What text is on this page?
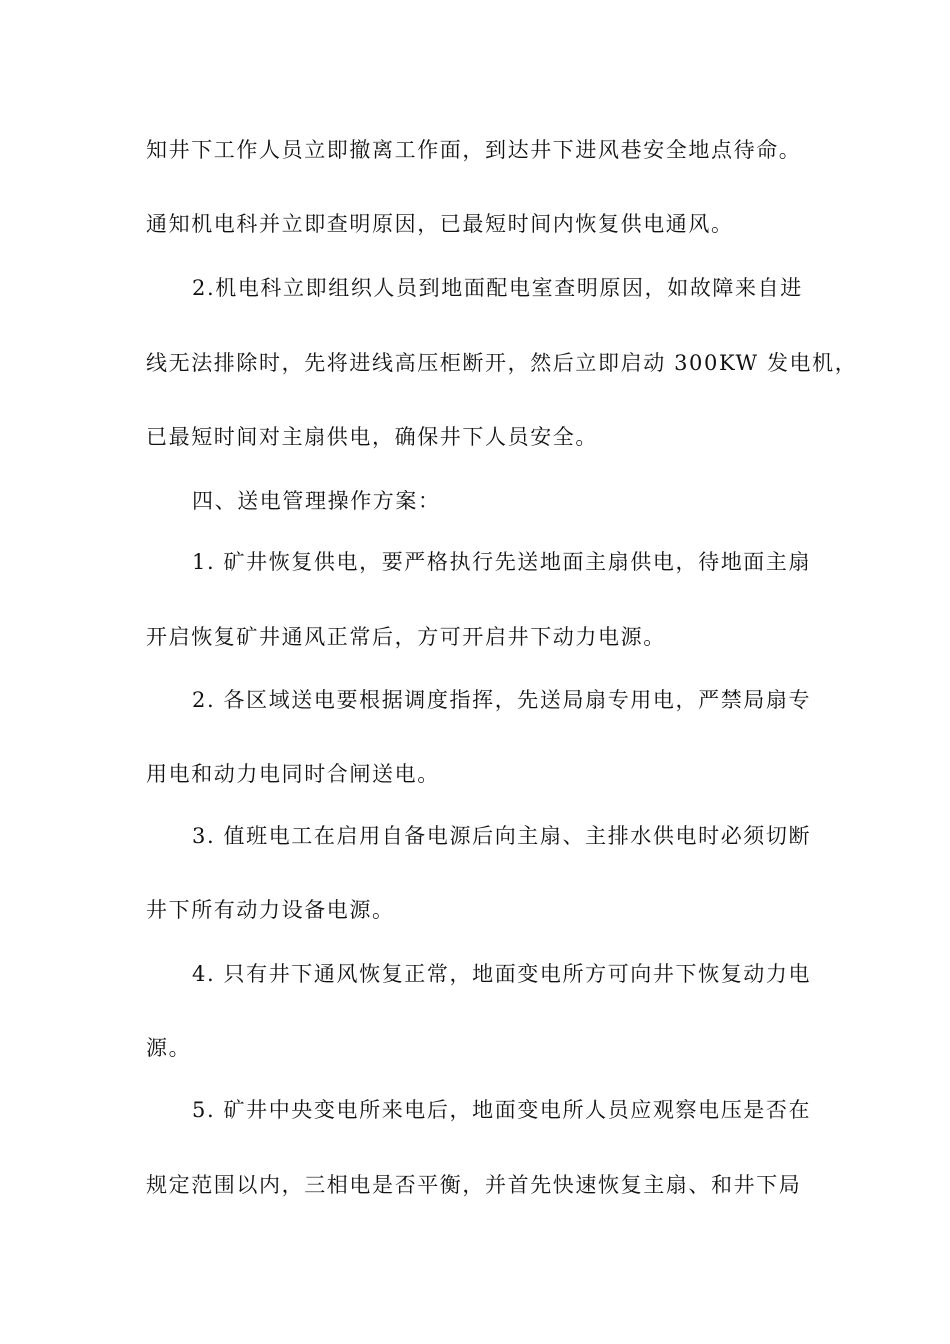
知井下工作人员立即撤离工作面，到达井下进风巷安全地点待命。
通知机电科并立即查明原因，已最短时间内恢复供电通风。
2.机电科立即组织人员到地面配电室查明原因，如故障来自进
线无法排除时，先将进线高压柜断开，然后立即启动 300KW 发电机，
已最短时间对主扇供电，确保井下人员安全。
四、送电管理操作方案：
1. 矿井恢复供电，要严格执行先送地面主扇供电，待地面主扇
开启恢复矿井通风正常后，方可开启井下动力电源。
2. 各区域送电要根据调度指挥，先送局扇专用电，严禁局扇专
用电和动力电同时合闸送电。
3. 值班电工在启用自备电源后向主扇、主排水供电时必须切断
井下所有动力设备电源。
4. 只有井下通风恢复正常，地面变电所方可向井下恢复动力电
源。
5. 矿井中央变电所来电后，地面变电所人员应观察电压是否在
规定范围以内，三相电是否平衡，并首先快速恢复主扇、和井下局
